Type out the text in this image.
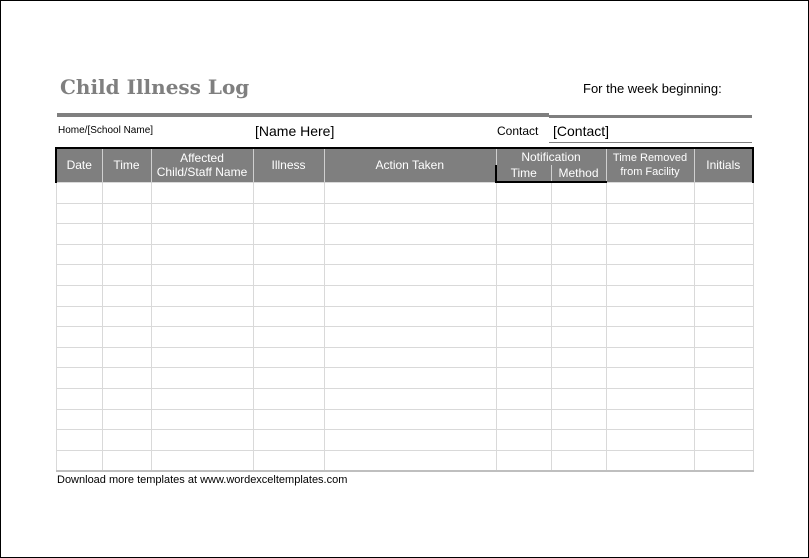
Child Illness Log	For the week beginning:
Home/[School Name]	[Name Here]	Contact [Contact]
Date	Time	Affected Child/Staff Name	Illness	Action Taken	Notification		Time Removed from Facility	Initials
					Time	Method		

Download more templates at www.wordexceltemplates.com
